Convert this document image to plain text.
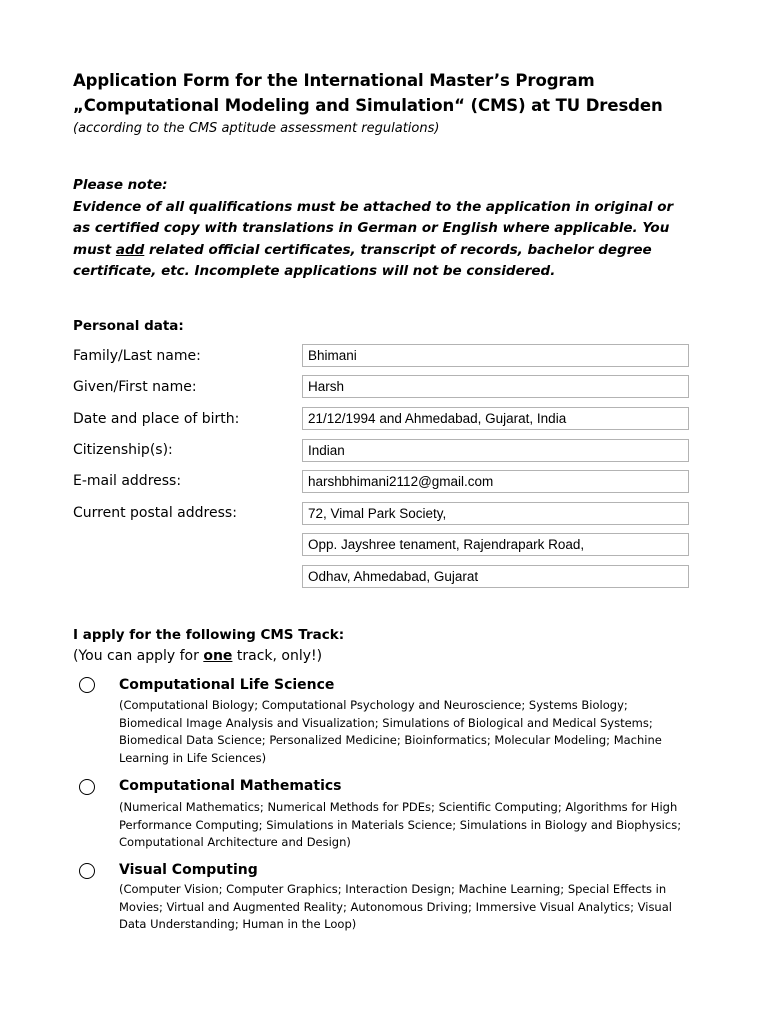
Application Form for the International Master’s Program
„Computational Modeling and Simulation“ (CMS) at TU Dresden
(according to the CMS aptitude assessment regulations)
Please note:
Evidence of all qualifications must be attached to the application in original or as certified copy with translations in German or English where applicable. You must add related official certificates, transcript of records, bachelor degree certificate, etc. Incomplete applications will not be considered.
Personal data:
Family/Last name:	Bhimani
Given/First name:	Harsh
Date and place of birth:	21/12/1994 and Ahmedabad, Gujarat, India
Citizenship(s):	Indian
E-mail address:	harshbhimani2112@gmail.com
Current postal address:	72, Vimal Park Society,
Opp. Jayshree tenament, Rajendrapark Road,
Odhav, Ahmedabad, Gujarat
I apply for the following CMS Track:
(You can apply for one track, only!)
Computational Life Science
(Computational Biology; Computational Psychology and Neuroscience; Systems Biology; Biomedical Image Analysis and Visualization; Simulations of Biological and Medical Systems; Biomedical Data Science; Personalized Medicine; Bioinformatics; Molecular Modeling; Machine Learning in Life Sciences)
Computational Mathematics
(Numerical Mathematics; Numerical Methods for PDEs; Scientific Computing; Algorithms for High Performance Computing; Simulations in Materials Science; Simulations in Biology and Biophysics; Computational Architecture and Design)
Visual Computing
(Computer Vision; Computer Graphics; Interaction Design; Machine Learning; Special Effects in Movies; Virtual and Augmented Reality; Autonomous Driving; Immersive Visual Analytics; Visual Data Understanding; Human in the Loop)
